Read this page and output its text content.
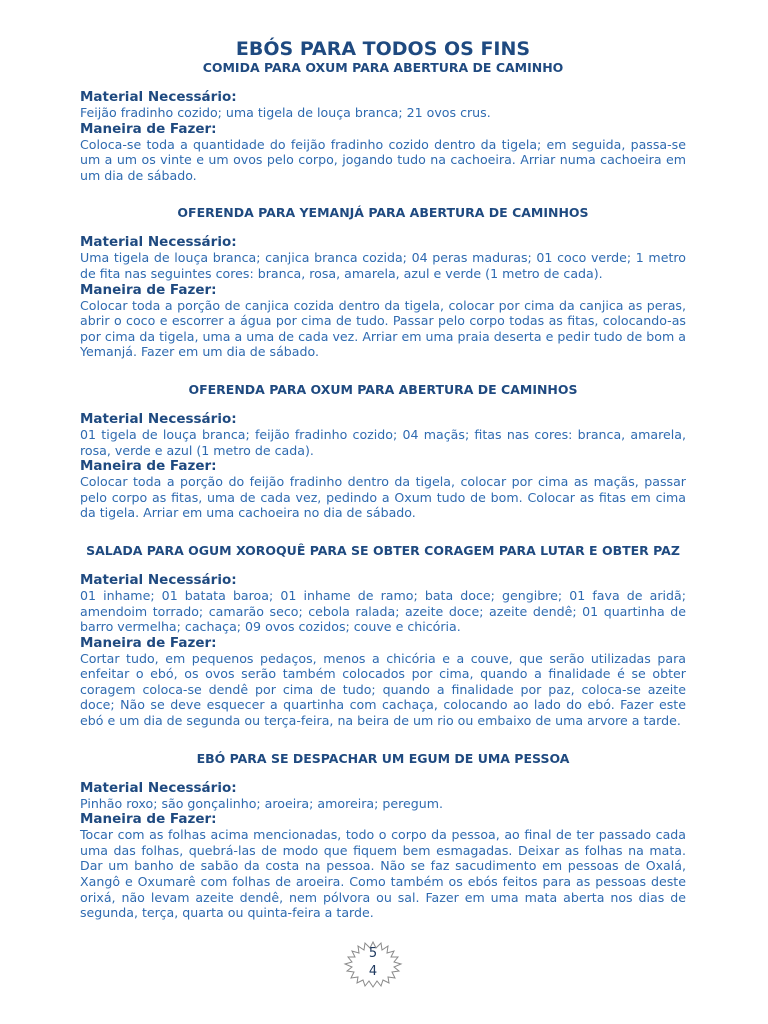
EBÓS PARA TODOS OS FINS
COMIDA PARA OXUM PARA ABERTURA DE CAMINHO

Material Necessário:

Feijão fradinho cozido; uma tigela de louça branca; 21 ovos crus.

Maneira de Fazer:

Coloca-se toda a quantidade do feijão fradinho cozido dentro da tigela; em seguida, passa-se um a um os vinte e um ovos pelo corpo, jogando tudo na cachoeira. Arriar numa cachoeira em um dia de sábado.

OFERENDA PARA YEMANJÁ PARA ABERTURA DE CAMINHOS

Material Necessário:

Uma tigela de louça branca; canjica branca cozida; 04 peras maduras; 01 coco verde; 1 metro de fita nas seguintes cores: branca, rosa, amarela, azul e verde (1 metro de cada).

Maneira de Fazer:

Colocar toda a porção de canjica cozida dentro da tigela, colocar por cima da canjica as peras, abrir o coco e escorrer a água por cima de tudo. Passar pelo corpo todas as fitas, colocando-as por cima da tigela, uma a uma de cada vez. Arriar em uma praia deserta e pedir tudo de bom a Yemanjá. Fazer em um dia de sábado.

OFERENDA PARA OXUM PARA ABERTURA DE CAMINHOS

Material Necessário:

01 tigela de louça branca; feijão fradinho cozido; 04 maçãs; fitas nas cores: branca, amarela, rosa, verde e azul (1 metro de cada).

Maneira de Fazer:

Colocar toda a porção do feijão fradinho dentro da tigela, colocar por cima as maçãs, passar pelo corpo as fitas, uma de cada vez, pedindo a Oxum tudo de bom. Colocar as fitas em cima da tigela. Arriar em uma cachoeira no dia de sábado.

SALADA PARA OGUM XOROQUÊ PARA SE OBTER CORAGEM PARA LUTAR E OBTER PAZ

Material Necessário:

01 inhame; 01 batata baroa; 01 inhame de ramo; bata doce; gengibre; 01 fava de aridã; amendoim torrado; camarão seco; cebola ralada; azeite doce; azeite dendê; 01 quartinha de barro vermelha; cachaça; 09 ovos cozidos; couve e chicória.

Maneira de Fazer:

Cortar tudo, em pequenos pedaços, menos a chicória e a couve, que serão utilizadas para enfeitar o ebó, os ovos serão também colocados por cima, quando a finalidade é se obter coragem coloca-se dendê por cima de tudo; quando a finalidade por paz, coloca-se azeite doce; Não se deve esquecer a quartinha com cachaça, colocando ao lado do ebó. Fazer este ebó e um dia de segunda ou terça-feira, na beira de um rio ou embaixo de uma arvore a tarde.

EBÓ PARA SE DESPACHAR UM EGUM DE UMA PESSOA

Material Necessário:

Pinhão roxo; são gonçalinho; aroeira; amoreira; peregum.

Maneira de Fazer:

Tocar com as folhas acima mencionadas, todo o corpo da pessoa, ao final de ter passado cada uma das folhas, quebrá-las de modo que fiquem bem esmagadas. Deixar as folhas na mata. Dar um banho de sabão da costa na pessoa. Não se faz sacudimento em pessoas de Oxalá, Xangô e Oxumarê com folhas de aroeira. Como também os ebós feitos para as pessoas deste orixá, não levam azeite dendê, nem pólvora ou sal. Fazer em uma mata aberta nos dias de segunda, terça, quarta ou quinta-feira a tarde.

5
4
